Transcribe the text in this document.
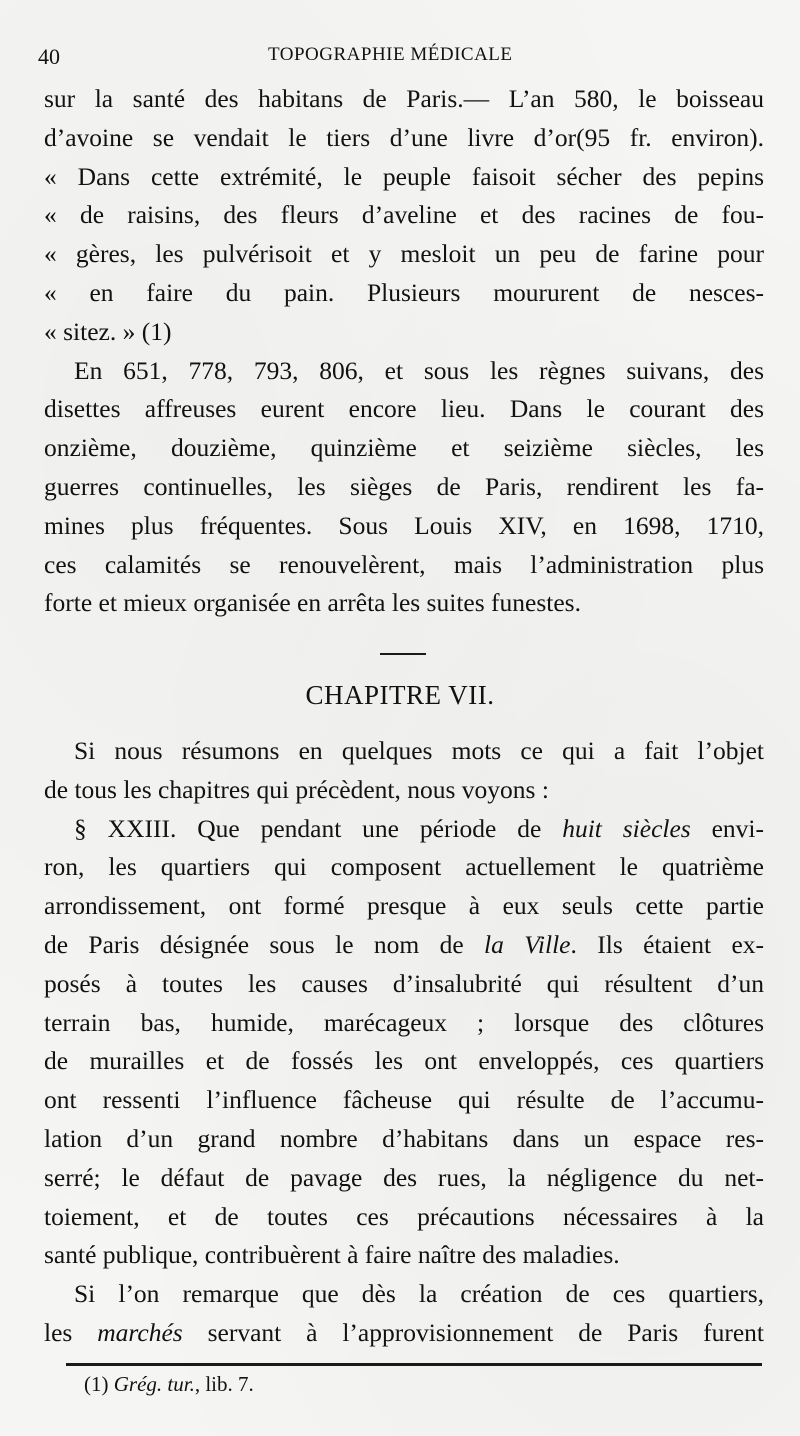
40	TOPOGRAPHIE MÉDICALE
sur la santé des habitans de Paris.— L’an 580, le boisseau
d’avoine se vendait le tiers d’une livre d’or(95 fr. environ).
« Dans cette extrémité, le peuple faisoit sécher des pepins
« de raisins, des fleurs d’aveline et des racines de fou-
« gères, les pulvérisoit et y mesloit un peu de farine pour
« en faire du pain. Plusieurs moururent de nesces-
« sitez. » (1)
En 651, 778, 793, 806, et sous les règnes suivans, des
disettes affreuses eurent encore lieu. Dans le courant des
onzième, douzième, quinzième et seizième siècles, les
guerres continuelles, les sièges de Paris, rendirent les fa-
mines plus fréquentes. Sous Louis XIV, en 1698, 1710,
ces calamités se renouvelèrent, mais l’administration plus
forte et mieux organisée en arrêta les suites funestes.
CHAPITRE VII.
Si nous résumons en quelques mots ce qui a fait l’objet
de tous les chapitres qui précèdent, nous voyons :
§ XXIII. Que pendant une période de huit siècles envi-
ron, les quartiers qui composent actuellement le quatrième
arrondissement, ont formé presque à eux seuls cette partie
de Paris désignée sous le nom de la Ville. Ils étaient ex-
posés à toutes les causes d’insalubrité qui résultent d’un
terrain bas, humide, marécageux ; lorsque des clôtures
de murailles et de fossés les ont enveloppés, ces quartiers
ont ressenti l’influence fâcheuse qui résulte de l’accumu-
lation d’un grand nombre d’habitans dans un espace res-
serré; le défaut de pavage des rues, la négligence du net-
toiement, et de toutes ces précautions nécessaires à la
santé publique, contribuèrent à faire naître des maladies.
Si l’on remarque que dès la création de ces quartiers,
les marchés servant à l’approvisionnement de Paris furent
(1) Grég. tur., lib. 7.
